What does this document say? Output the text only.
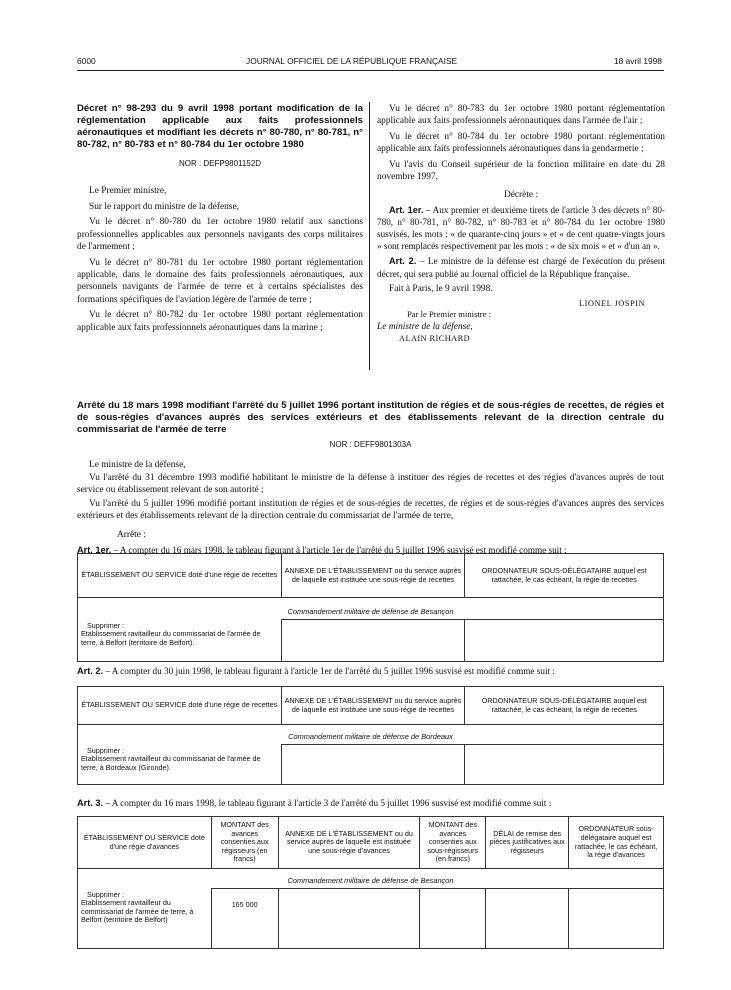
6000	JOURNAL OFFICIEL DE LA RÉPUBLIQUE FRANÇAISE	18 avril 1998
Décret n° 98-293 du 9 avril 1998 portant modification de la réglementation applicable aux faits professionnels aéronautiques et modifiant les décrets n° 80-780, n° 80-781, n° 80-782, n° 80-783 et n° 80-784 du 1er octobre 1980
NOR : DEFP9801152D

Le Premier ministre,

Sur le rapport du ministre de la défense,

Vu le décret n° 80-780 du 1er octobre 1980 relatif aux sanctions professionnelles applicables aux personnels navigants des corps militaires de l'armement ;

Vu le décret n° 80-781 du 1er octobre 1980 portant réglementation applicable, dans le domaine des faits professionnels aéronautiques, aux personnels navigants de l'armée de terre et à certains spécialistes des formations spécifiques de l'aviation légère de l'armée de terre ;

Vu le décret n° 80-782 du 1er octobre 1980 portant réglementation applicable aux faits professionnels aéronautiques dans la marine ;

Vu le décret n° 80-783 du 1er octobre 1980 portant réglementation applicable aux faits professionnels aéronautiques dans l'armée de l'air ;

Vu le décret n° 80-784 du 1er octobre 1980 portant réglementation applicable aux faits professionnels aéronautiques dans la gendarmerie ;

Vu l'avis du Conseil supérieur de la fonction militaire en date du 28 novembre 1997,

Décrète :

Art. 1er. – Aux premier et deuxième tirets de l'article 3 des décrets n° 80-780, n° 80-781, n° 80-782, n° 80-783 et n° 80-784 du 1er octobre 1980 susvisés, les mots : « de quarante-cinq jours » et « de cent quatre-vingts jours » sont remplacés respectivement par les mots : « de six mois » et « d'un an ».

Art. 2. – Le ministre de la défense est chargé de l'exécution du présent décret, qui sera publié au Journal officiel de la République française.

Fait à Paris, le 9 avril 1998.

LIONEL JOSPIN
Par le Premier ministre :
Le ministre de la défense,
ALAIN RICHARD
Arrêté du 18 mars 1998 modifiant l'arrêté du 5 juillet 1996 portant institution de régies et de sous-régies de recettes, de régies et de sous-régies d'avances auprès des services extérieurs et des établissements relevant de la direction centrale du commissariat de l'armée de terre
NOR : DEFF9801303A

Le ministre de la défense,

Vu l'arrêté du 31 décembre 1993 modifié habilitant le ministre de la défense à instituer des régies de recettes et des régies d'avances auprès de tout service ou établissement relevant de son autorité ;

Vu l'arrêté du 5 juillet 1996 modifié portant institution de régies et de sous-régies de recettes, de régies et de sous-régies d'avances auprès des services extérieurs et des établissements relevant de la direction centrale du commissariat de l'armée de terre,

Arrête :

Art. 1er. – A compter du 16 mars 1998, le tableau figurant à l'article 1er de l'arrêté du 5 juillet 1996 susvisé est modifié comme suit :

ÉTABLISSEMENT OU SERVICE doté d'une régie de recettes	ANNEXE DE L'ÉTABLISSEMENT ou du service auprès de laquelle est instituée une sous-régie de recettes	ORDONNATEUR SOUS-DÉLÉGATAIRE auquel est rattachée, le cas échéant, la régie de recettes
Commandement militaire de défense de Besançon		

Supprimer :
Etablissement ravitailleur du commissariat de l'armée de terre, à Belfort (territoire de Belfort).		

Art. 2. – A compter du 30 juin 1998, le tableau figurant à l'article 1er de l'arrêté du 5 juillet 1996 susvisé est modifié comme suit :
ÉTABLISSEMENT OU SERVICE doté d'une régie de recettes	ANNEXE DE L'ÉTABLISSEMENT ou du service auprès de laquelle est instituée une sous-régie de recettes	ORDONNATEUR SOUS-DÉLÉGATAIRE auquel est rattachée, le cas échéant, la régie de recettes
Commandement militaire de défense de Bordeaux		

Supprimer :
Etablissement ravitailleur du commissariat de l'armée de terre, à Bordeaux (Gironde).		

Art. 3. – A compter du 16 mars 1998, le tableau figurant à l'article 3 de l'arrêté du 5 juillet 1996 susvisé est modifié comme suit :
ÉTABLISSEMENT OU SERVICE doté d'une régie d'avances	MONTANT des avances consenties aux régisseurs (en francs)	ANNEXE DE L'ÉTABLISSEMENT ou du service auprès de laquelle est instituée une sous-régie d'avances	MONTANT des avances consenties aux sous-régisseurs (en francs)	DÉLAI de remise des pièces justificatives aux régisseurs	ORDONNATEUR sous-délégataire auquel est rattachée, le cas échéant, la régie d'avances
Commandement militaire de défense de Besançon					

Supprimer :
Etablissement ravitailleur du commissariat de l'armée de terre, à Belfort (territoire de Belfort)	165 000				
